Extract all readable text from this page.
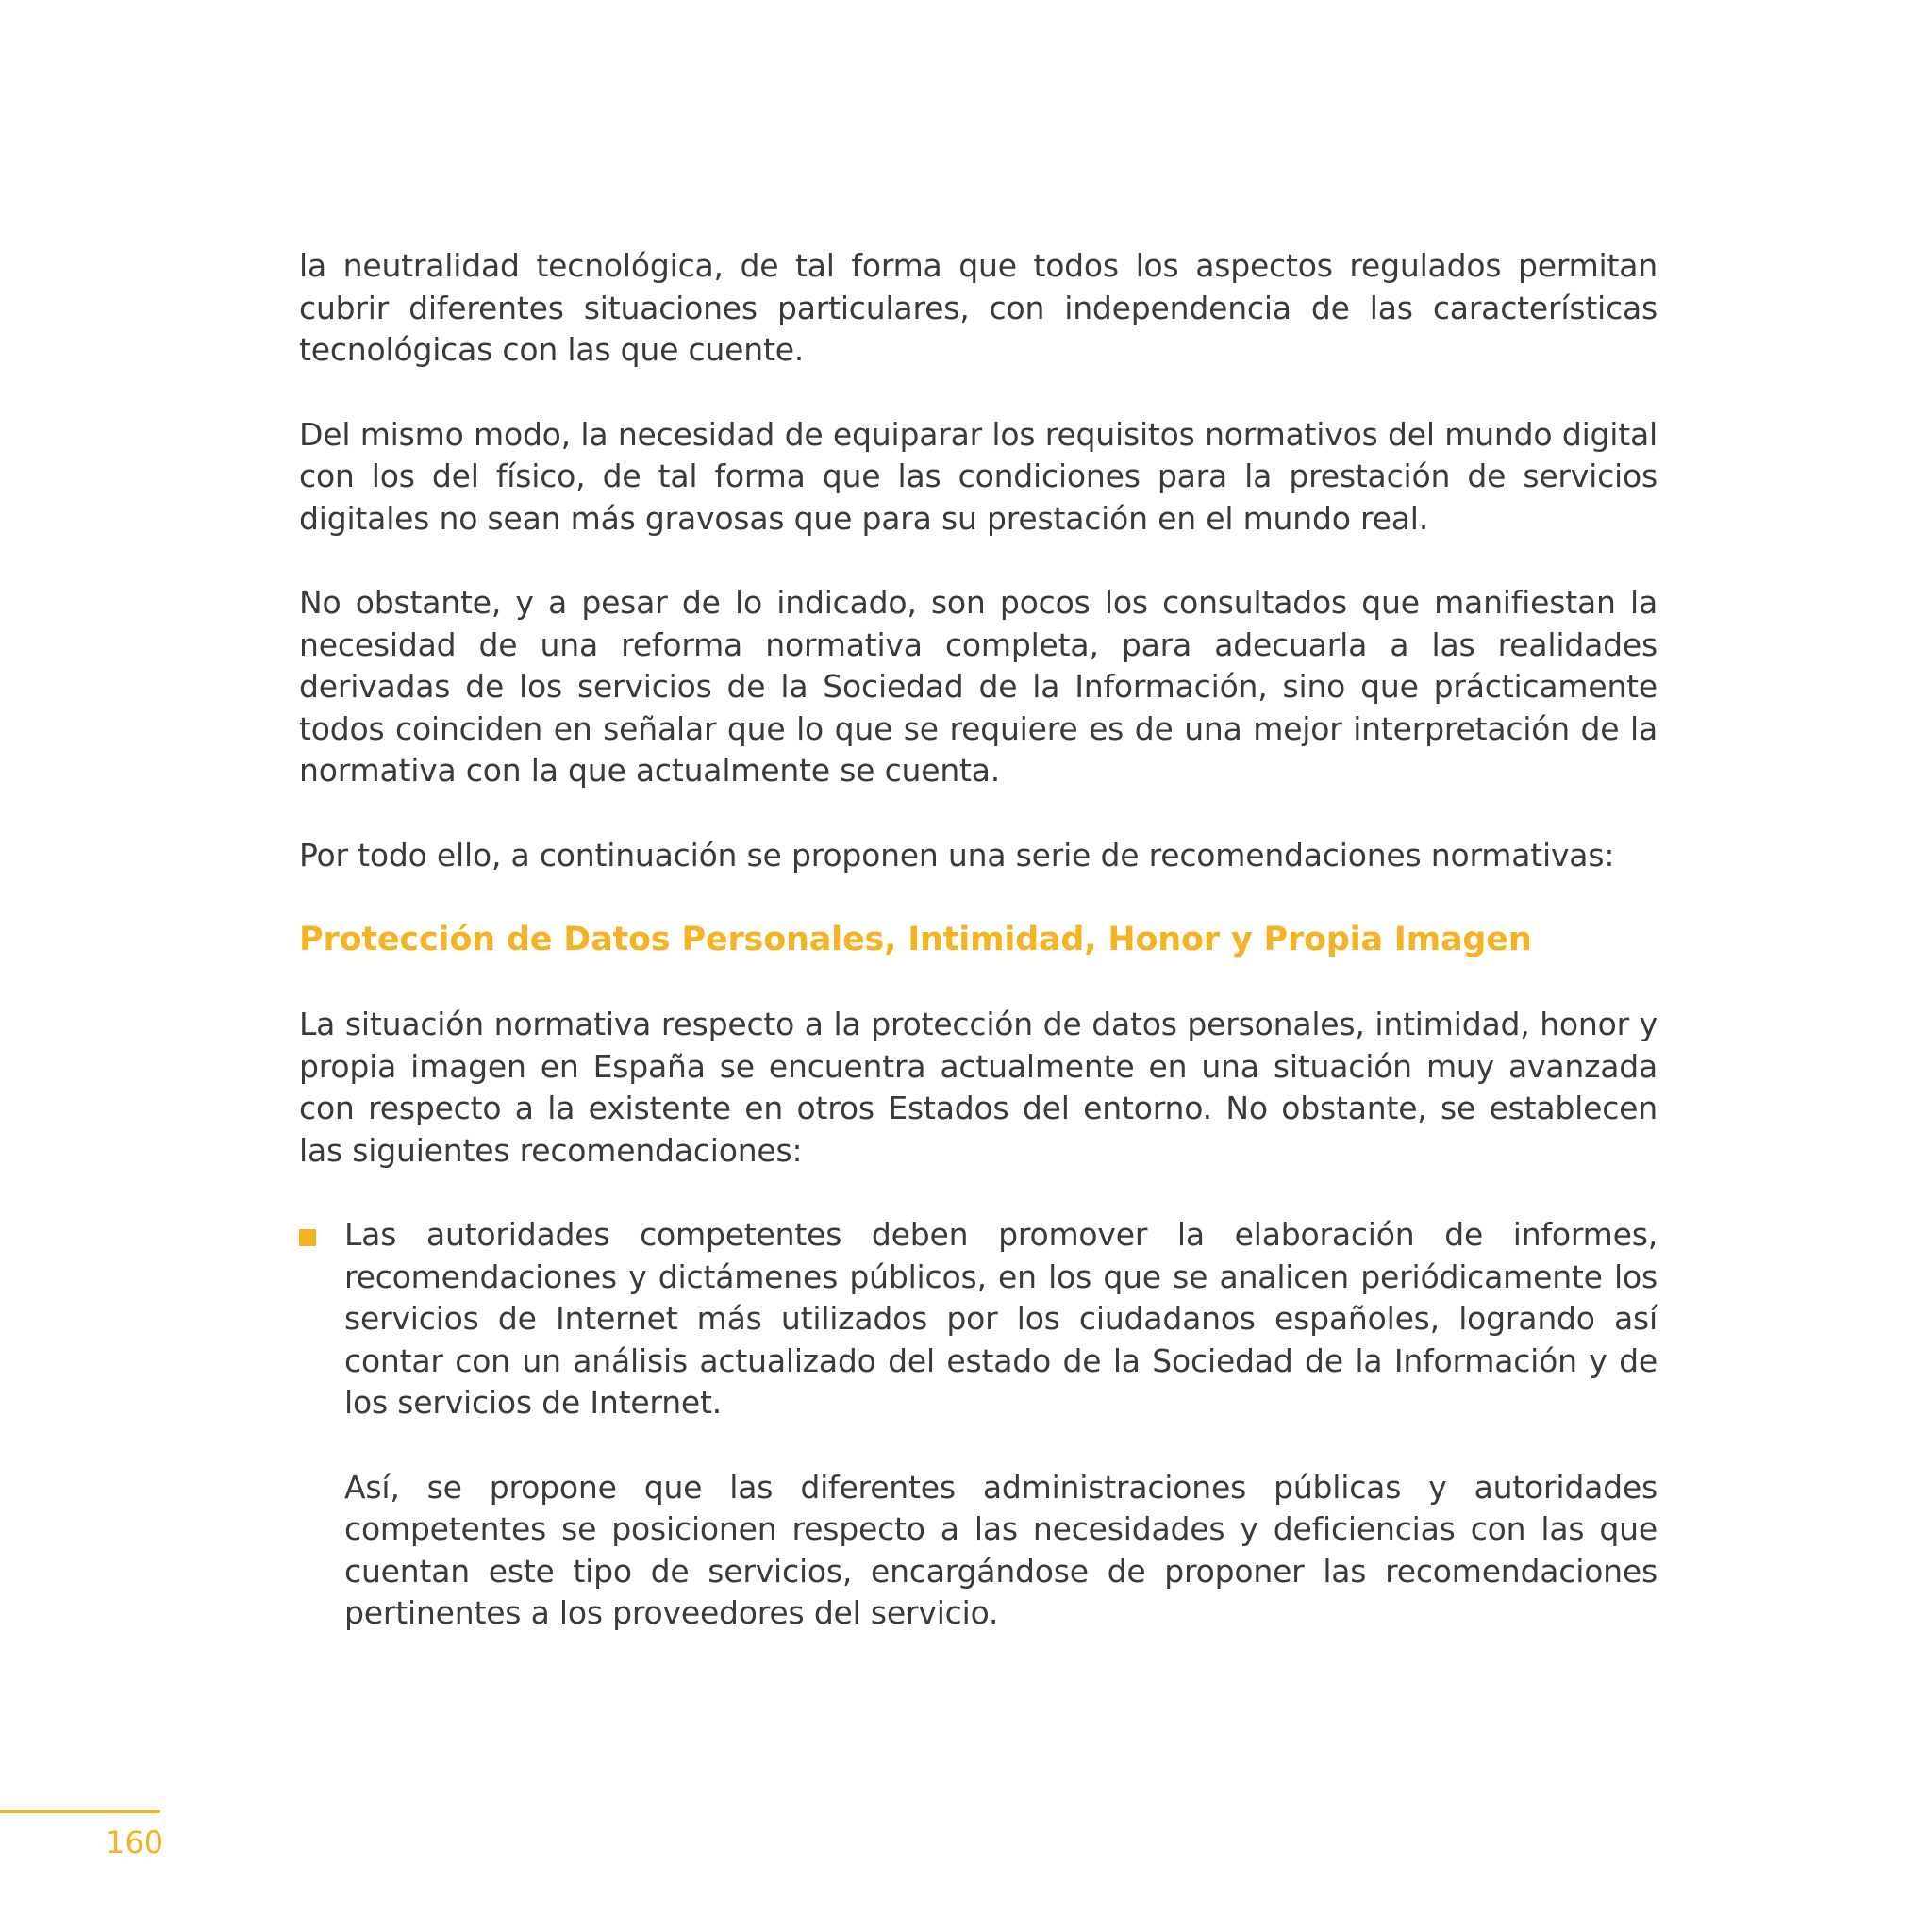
la neutralidad tecnológica, de tal forma que todos los aspectos regulados permitan cubrir diferentes situaciones particulares, con independencia de las características tecnológicas con las que cuente.

Del mismo modo, la necesidad de equiparar los requisitos normativos del mundo digital con los del físico, de tal forma que las condiciones para la prestación de servicios digitales no sean más gravosas que para su prestación en el mundo real.

No obstante, y a pesar de lo indicado, son pocos los consultados que manifiestan la necesidad de una reforma normativa completa, para adecuarla a las realidades derivadas de los servicios de la Sociedad de la Información, sino que prácticamente todos coinciden en señalar que lo que se requiere es de una mejor interpretación de la normativa con la que actualmente se cuenta.

Por todo ello, a continuación se proponen una serie de recomendaciones normativas:

Protección de Datos Personales, Intimidad, Honor y Propia Imagen

La situación normativa respecto a la protección de datos personales, intimidad, honor y propia imagen en España se encuentra actualmente en una situación muy avanzada con respecto a la existente en otros Estados del entorno. No obstante, se establecen las siguientes recomendaciones:

Las autoridades competentes deben promover la elaboración de informes, recomendaciones y dictámenes públicos, en los que se analicen periódicamente los servicios de Internet más utilizados por los ciudadanos españoles, logrando así contar con un análisis actualizado del estado de la Sociedad de la Información y de los servicios de Internet.

Así, se propone que las diferentes administraciones públicas y autoridades competentes se posicionen respecto a las necesidades y deficiencias con las que cuentan este tipo de servicios, encargándose de proponer las recomendaciones pertinentes a los proveedores del servicio.

160
